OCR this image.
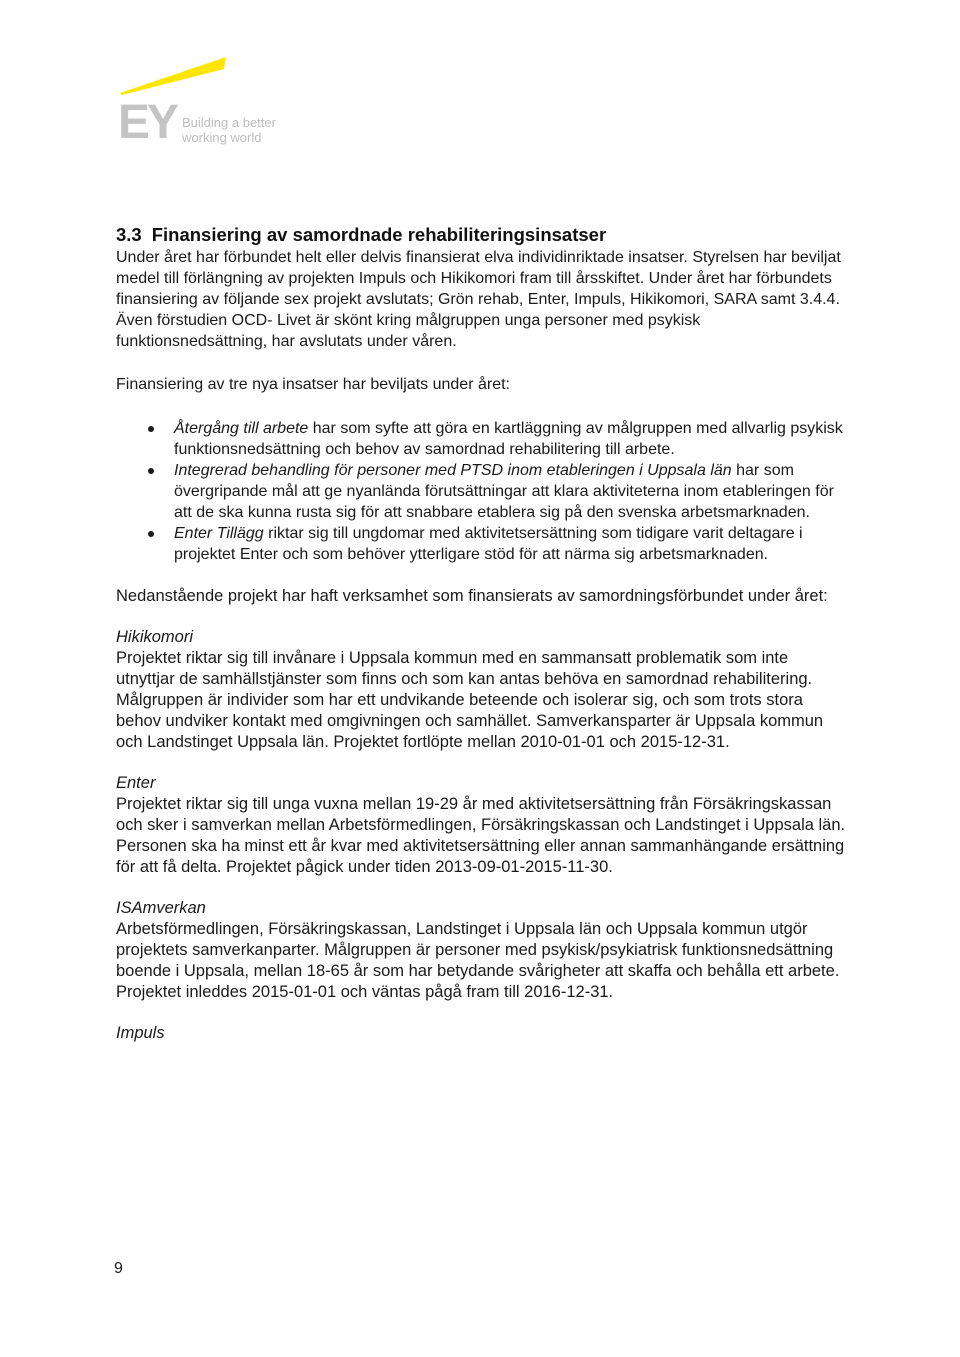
EY Building a better
working world
3.3 Finansiering av samordnade rehabiliteringsinsatser

Under året har förbundet helt eller delvis finansierat elva individinriktade insatser. Styrelsen har beviljat medel till förlängning av projekten Impuls och Hikikomori fram till årsskiftet. Under året har förbundets finansiering av följande sex projekt avslutats; Grön rehab, Enter, Impuls, Hikikomori, SARA samt 3.4.4. Även förstudien OCD- Livet är skönt kring målgruppen unga personer med psykisk funktionsnedsättning, har avslutats under våren.

Finansiering av tre nya insatser har beviljats under året:

Återgång till arbete har som syfte att göra en kartläggning av målgruppen med allvarlig psykisk funktionsnedsättning och behov av samordnad rehabilitering till arbete.
Integrerad behandling för personer med PTSD inom etableringen i Uppsala län har som övergripande mål att ge nyanlända förutsättningar att klara aktiviteterna inom etableringen för att de ska kunna rusta sig för att snabbare etablera sig på den svenska arbetsmarknaden.
Enter Tillägg riktar sig till ungdomar med aktivitetsersättning som tidigare varit deltagare i projektet Enter och som behöver ytterligare stöd för att närma sig arbetsmarknaden.

Nedanstående projekt har haft verksamhet som finansierats av samordningsförbundet under året:

Hikikomori

Projektet riktar sig till invånare i Uppsala kommun med en sammansatt problematik som inte utnyttjar de samhällstjänster som finns och som kan antas behöva en samordnad rehabilitering. Målgruppen är individer som har ett undvikande beteende och isolerar sig, och som trots stora behov undviker kontakt med omgivningen och samhället. Samverkansparter är Uppsala kommun och Landstinget Uppsala län. Projektet fortlöpte mellan 2010-01-01 och 2015-12-31.

Enter

Projektet riktar sig till unga vuxna mellan 19-29 år med aktivitetsersättning från Försäkringskassan och sker i samverkan mellan Arbetsförmedlingen, Försäkringskassan och Landstinget i Uppsala län. Personen ska ha minst ett år kvar med aktivitetsersättning eller annan sammanhängande ersättning för att få delta. Projektet pågick under tiden 2013-09-01-2015-11-30.

ISAmverkan

Arbetsförmedlingen, Försäkringskassan, Landstinget i Uppsala län och Uppsala kommun utgör projektets samverkanparter. Målgruppen är personer med psykisk/psykiatrisk funktionsnedsättning boende i Uppsala, mellan 18-65 år som har betydande svårigheter att skaffa och behålla ett arbete. Projektet inleddes 2015-01-01 och väntas pågå fram till 2016-12-31.

Impuls

9
